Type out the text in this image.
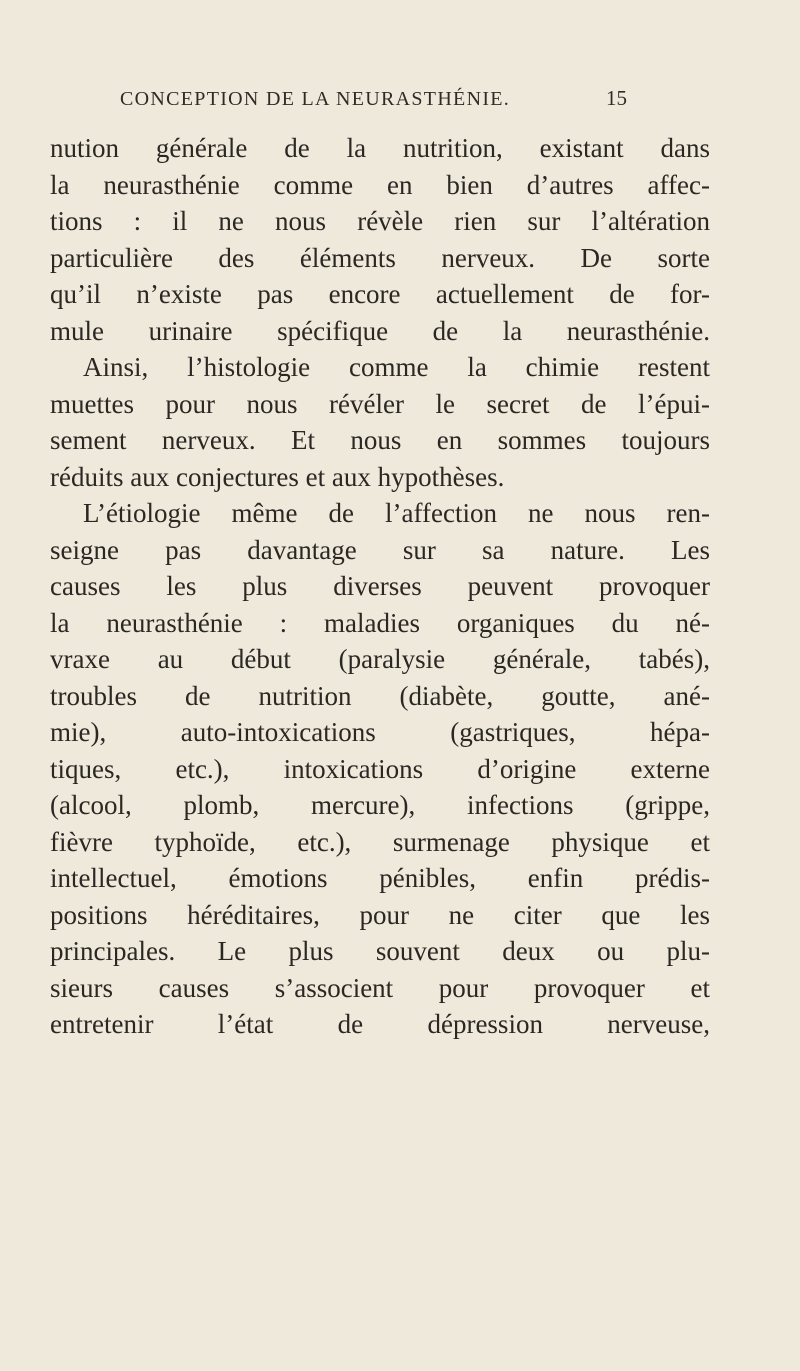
CONCEPTION DE LA NEURASTHÉNIE.	15
nution générale de la nutrition, existant dans
la neurasthénie comme en bien d’autres affec-
tions : il ne nous révèle rien sur l’altération
particulière des éléments nerveux. De sorte
qu’il n’existe pas encore actuellement de for-
mule urinaire spécifique de la neurasthénie.
Ainsi, l’histologie comme la chimie restent
muettes pour nous révéler le secret de l’épui-
sement nerveux. Et nous en sommes toujours
réduits aux conjectures et aux hypothèses.
L’étiologie même de l’affection ne nous ren-
seigne pas davantage sur sa nature. Les
causes les plus diverses peuvent provoquer
la neurasthénie : maladies organiques du né-
vraxe au début (paralysie générale, tabés),
troubles de nutrition (diabète, goutte, ané-
mie), auto-intoxications (gastriques, hépa-
tiques, etc.), intoxications d’origine externe
(alcool, plomb, mercure), infections (grippe,
fièvre typhoïde, etc.), surmenage physique et
intellectuel, émotions pénibles, enfin prédis-
positions héréditaires, pour ne citer que les
principales. Le plus souvent deux ou plu-
sieurs causes s’associent pour provoquer et
entretenir l’état de dépression nerveuse,
